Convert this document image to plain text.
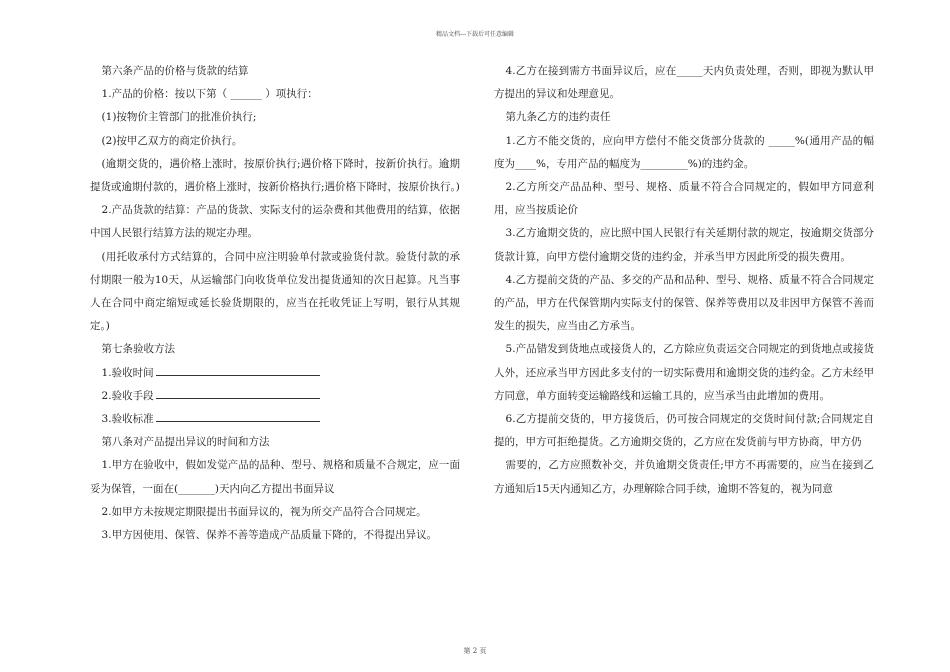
精品文档---下载后可任意编辑

第六条产品的价格与货款的结算

1.产品的价格：按以下第（ ______ ）项执行：

(1)按物价主管部门的批准价执行;

(2)按甲乙双方的商定价执行。

(逾期交货的，遇价格上涨时，按原价执行;遇价格下降时，按新价执行。逾期提货或逾期付款的，遇价格上涨时，按新价格执行;遇价格下降时，按原价执行。)

2.产品货款的结算：产品的货款、实际支付的运杂费和其他费用的结算，依据中国人民银行结算方法的规定办理。

(用托收承付方式结算的，合同中应注明验单付款或验货付款。验货付款的承付期限一般为10天，从运输部门向收货单位发出提货通知的次日起算。凡当事人在合同中商定缩短或延长验货期限的，应当在托收凭证上写明，银行从其规定。)

第七条验收方法

1.验收时间

2.验收手段

3.验收标准

第八条对产品提出异议的时间和方法

1.甲方在验收中，假如发觉产品的品种、型号、规格和质量不合规定，应一面妥为保管，一面在(_______)天内向乙方提出书面异议

2.如甲方未按规定期限提出书面异议的，视为所交产品符合合同规定。

3.甲方因使用、保管、保养不善等造成产品质量下降的，不得提出异议。

4.乙方在接到需方书面异议后，应在_____天内负责处理，否则，即视为默认甲方提出的异议和处理意见。

第九条乙方的违约责任

1.乙方不能交货的，应向甲方偿付不能交货部分货款的 _____%(通用产品的幅度为____%，专用产品的幅度为_________%)的违约金。

2.乙方所交产品品种、型号、规格、质量不符合合同规定的，假如甲方同意利用，应当按质论价

3.乙方逾期交货的，应比照中国人民银行有关延期付款的规定，按逾期交货部分货款计算，向甲方偿付逾期交货的违约金，并承当甲方因此所受的损失费用。

4.乙方提前交货的产品、多交的产品和品种、型号、规格、质量不符合合同规定的产品，甲方在代保管期内实际支付的保管、保养等费用以及非因甲方保管不善而发生的损失，应当由乙方承当。

5.产品错发到货地点或接货人的，乙方除应负责运交合同规定的到货地点或接货人外，还应承当甲方因此多支付的一切实际费用和逾期交货的违约金。乙方未经甲方同意，单方面转变运输路线和运输工具的，应当承当由此增加的费用。

6.乙方提前交货的，甲方接货后，仍可按合同规定的交货时间付款;合同规定自提的，甲方可拒绝提货。乙方逾期交货的，乙方应在发货前与甲方协商，甲方仍

需要的，乙方应照数补交，并负逾期交货责任;甲方不再需要的，应当在接到乙方通知后15天内通知乙方，办理解除合同手续，逾期不答复的，视为同意

第 2 页
